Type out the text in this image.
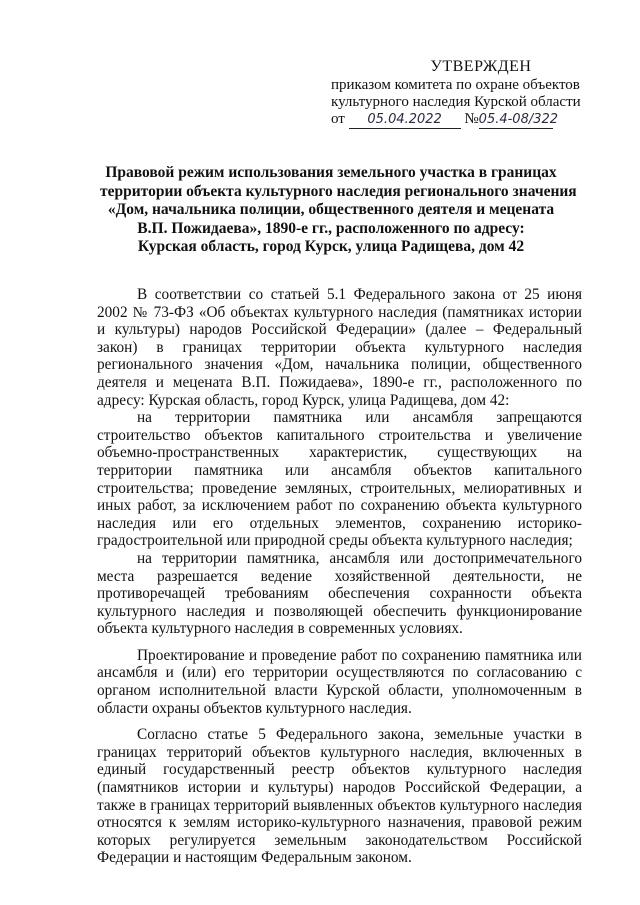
УТВЕРЖДЕН
приказом комитета по охране объектов
культурного наследия Курской области
от 05.04.2022 №05.4-08/322
Правовой режим использования земельного участка в границах
территории объекта культурного наследия регионального значения
«Дом, начальника полиции, общественного деятеля и мецената
В.П. Пожидаева», 1890-е гг., расположенного по адресу:
Курская область, город Курск, улица Радищева, дом 42

В соответствии со статьей 5.1 Федерального закона от 25 июня 2002 № 73-ФЗ «Об объектах культурного наследия (памятниках истории и культуры) народов Российской Федерации» (далее – Федеральный закон) в границах территории объекта культурного наследия регионального значения «Дом, начальника полиции, общественного деятеля и мецената В.П. Пожидаева», 1890-е гг., расположенного по адресу: Курская область, город Курск, улица Радищева, дом 42:

на территории памятника или ансамбля запрещаются строительство объектов капитального строительства и увеличение объемно-пространственных характеристик, существующих на территории памятника или ансамбля объектов капитального строительства; проведение земляных, строительных, мелиоративных и иных работ, за исключением работ по сохранению объекта культурного наследия или его отдельных элементов, сохранению историко-градостроительной или природной среды объекта культурного наследия;

на территории памятника, ансамбля или достопримечательного места разрешается ведение хозяйственной деятельности, не противоречащей требованиям обеспечения сохранности объекта культурного наследия и позволяющей обеспечить функционирование объекта культурного наследия в современных условиях.

Проектирование и проведение работ по сохранению памятника или ансамбля и (или) его территории осуществляются по согласованию с органом исполнительной власти Курской области, уполномоченным в области охраны объектов культурного наследия.

Согласно статье 5 Федерального закона, земельные участки в границах территорий объектов культурного наследия, включенных в единый государственный реестр объектов культурного наследия (памятников истории и культуры) народов Российской Федерации, а также в границах территорий выявленных объектов культурного наследия относятся к землям историко-культурного назначения, правовой режим которых регулируется земельным законодательством Российской Федерации и настоящим Федеральным законом.
